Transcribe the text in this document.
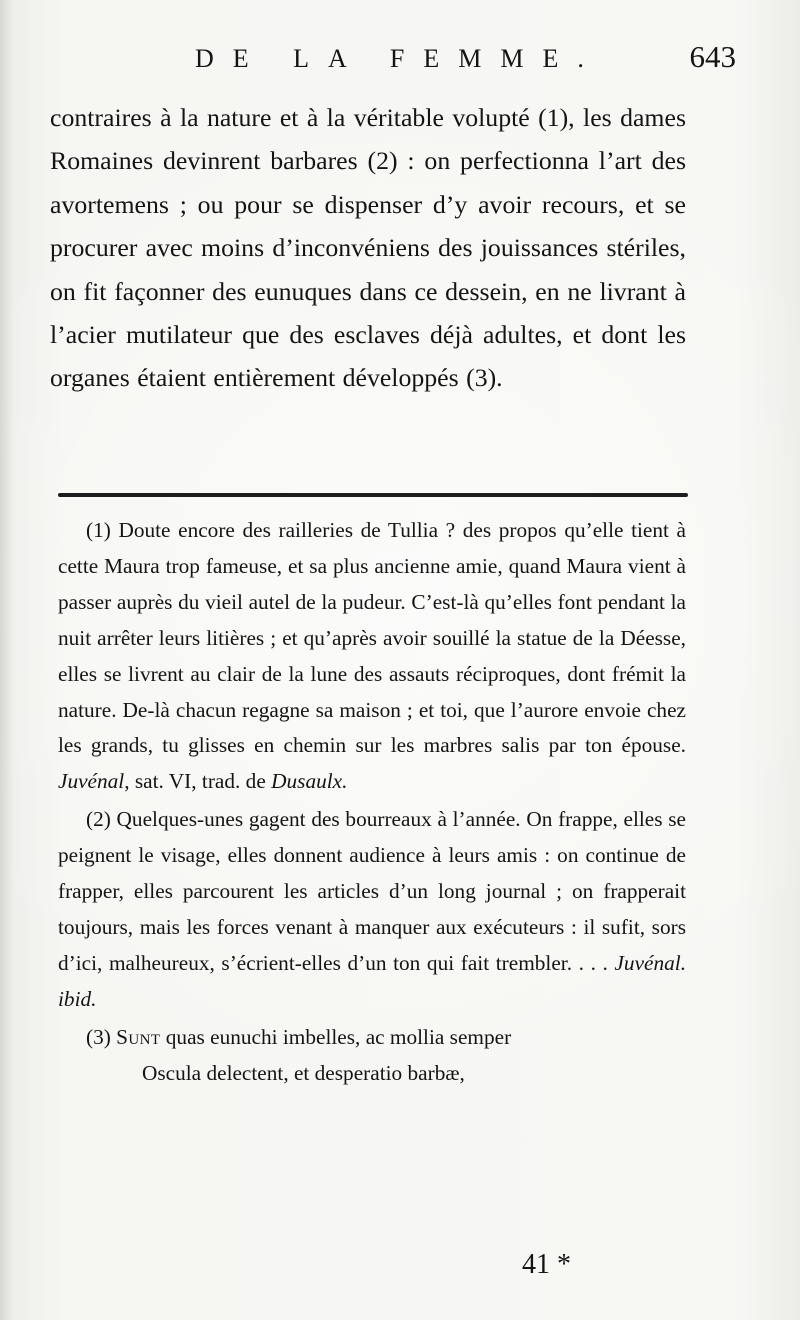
DE LA FEMME.	643

contraires à la nature et à la véritable volupté (1), les dames Romaines devinrent barbares (2) : on perfectionna l’art des avortemens ; ou pour se dispenser d’y avoir recours, et se procurer avec moins d’inconvéniens des jouissances stériles, on fit façonner des eunuques dans ce dessein, en ne livrant à l’acier mutilateur que des esclaves déjà adultes, et dont les organes étaient entièrement développés (3).

(1) Doute encore des railleries de Tullia ? des propos qu’elle tient à cette Maura trop fameuse, et sa plus ancienne amie, quand Maura vient à passer auprès du vieil autel de la pudeur. C’est-là qu’elles font pendant la nuit arrêter leurs litières ; et qu’après avoir souillé la statue de la Déesse, elles se livrent au clair de la lune des assauts réciproques, dont frémit la nature. De-là chacun regagne sa maison ; et toi, que l’aurore envoie chez les grands, tu glisses en chemin sur les marbres salis par ton épouse. Juvénal, sat. VI, trad. de Dusaulx.

(2) Quelques-unes gagent des bourreaux à l’année. On frappe, elles se peignent le visage, elles donnent audience à leurs amis : on continue de frapper, elles parcourent les articles d’un long journal ; on frapperait toujours, mais les forces venant à manquer aux exécuteurs : il sufit, sors d’ici, malheureux, s’écrient-elles d’un ton qui fait trembler. . . . Juvénal. ibid.

(3) Sunt quas eunuchi imbelles, ac mollia semper
Oscula delectent, et desperatio barbæ,

41 *
